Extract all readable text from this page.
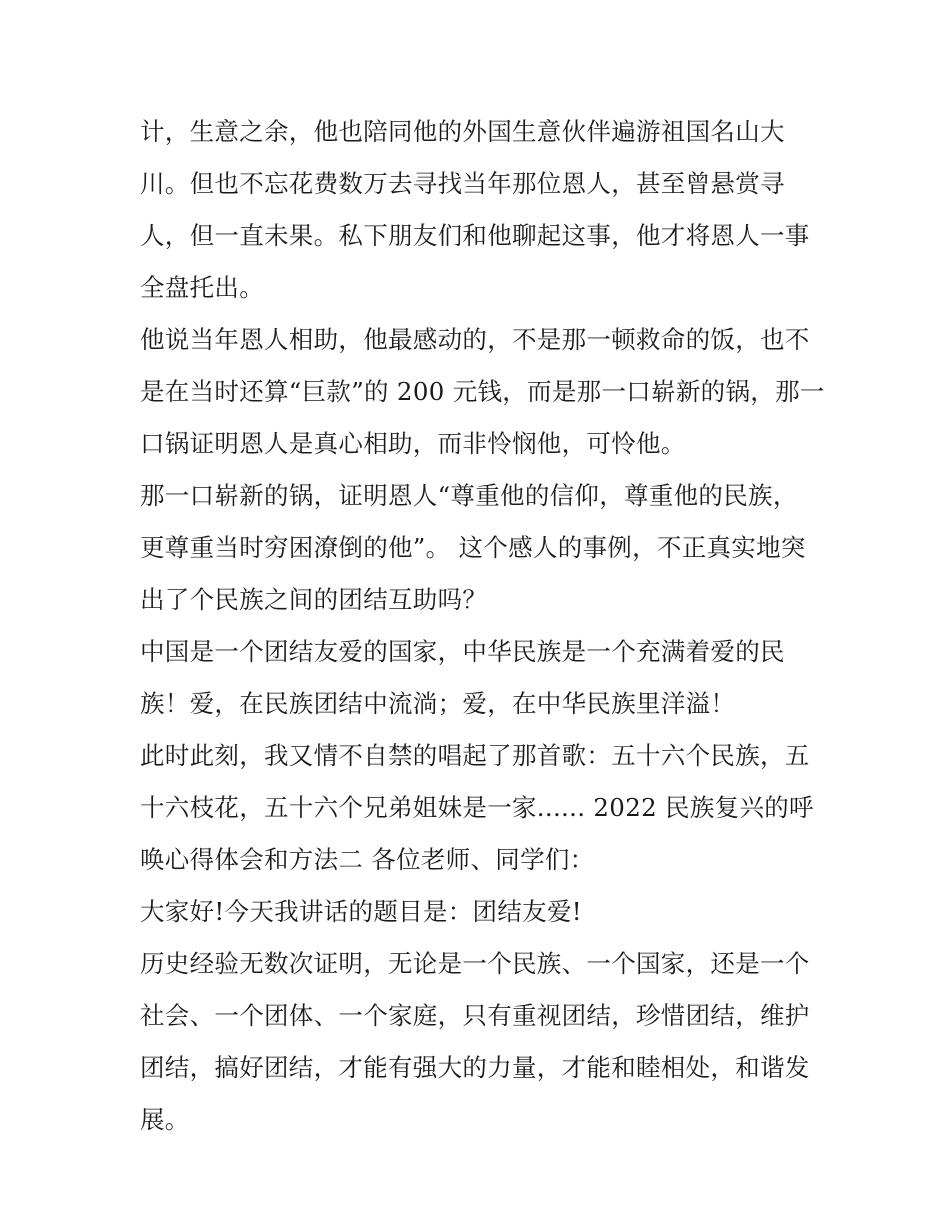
计，生意之余，他也陪同他的外国生意伙伴遍游祖国名山大
川。但也不忘花费数万去寻找当年那位恩人，甚至曾悬赏寻
人，但一直未果。私下朋友们和他聊起这事，他才将恩人一事
全盘托出。
他说当年恩人相助，他最感动的，不是那一顿救命的饭，也不
是在当时还算“巨款”的 200 元钱，而是那一口崭新的锅，那一
口锅证明恩人是真心相助，而非怜悯他，可怜他。
那一口崭新的锅，证明恩人“尊重他的信仰，尊重他的民族，
更尊重当时穷困潦倒的他”。 这个感人的事例，不正真实地突
出了个民族之间的团结互助吗？
中国是一个团结友爱的国家，中华民族是一个充满着爱的民
族！爱，在民族团结中流淌；爱，在中华民族里洋溢！
此时此刻，我又情不自禁的唱起了那首歌：五十六个民族，五
十六枝花，五十六个兄弟姐妹是一家...... 2022 民族复兴的呼
唤心得体会和方法二 各位老师、同学们：
大家好!今天我讲话的题目是：团结友爱!
历史经验无数次证明，无论是一个民族、一个国家，还是一个
社会、一个团体、一个家庭，只有重视团结，珍惜团结，维护
团结，搞好团结，才能有强大的力量，才能和睦相处，和谐发
展。
